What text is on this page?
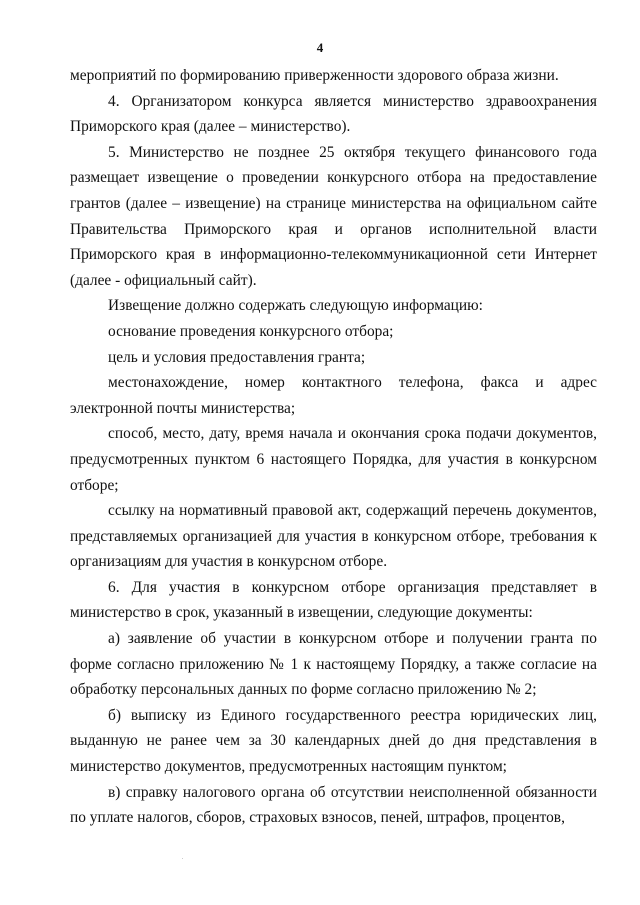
4

мероприятий по формированию приверженности здорового образа жизни.

4. Организатором конкурса является министерство здравоохранения Приморского края (далее – министерство).

5. Министерство не позднее 25 октября текущего финансового года размещает извещение о проведении конкурсного отбора на предоставление грантов (далее – извещение) на странице министерства на официальном сайте Правительства Приморского края и органов исполнительной власти Приморского края в информационно-телекоммуникационной сети Интернет (далее - официальный сайт).

Извещение должно содержать следующую информацию:

основание проведения конкурсного отбора;

цель и условия предоставления гранта;

местонахождение, номер контактного телефона, факса и адрес электронной почты министерства;

способ, место, дату, время начала и окончания срока подачи документов, предусмотренных пунктом 6 настоящего Порядка, для участия в конкурсном отборе;

ссылку на нормативный правовой акт, содержащий перечень документов, представляемых организацией для участия в конкурсном отборе, требования к организациям для участия в конкурсном отборе.

6. Для участия в конкурсном отборе организация представляет в министерство в срок, указанный в извещении, следующие документы:

а) заявление об участии в конкурсном отборе и получении гранта по форме согласно приложению № 1 к настоящему Порядку, а также согласие на обработку персональных данных по форме согласно приложению № 2;

б) выписку из Единого государственного реестра юридических лиц, выданную не ранее чем за 30 календарных дней до дня представления в министерство документов, предусмотренных настоящим пунктом;

в) справку налогового органа об отсутствии неисполненной обязанности по уплате налогов, сборов, страховых взносов, пеней, штрафов, процентов,
